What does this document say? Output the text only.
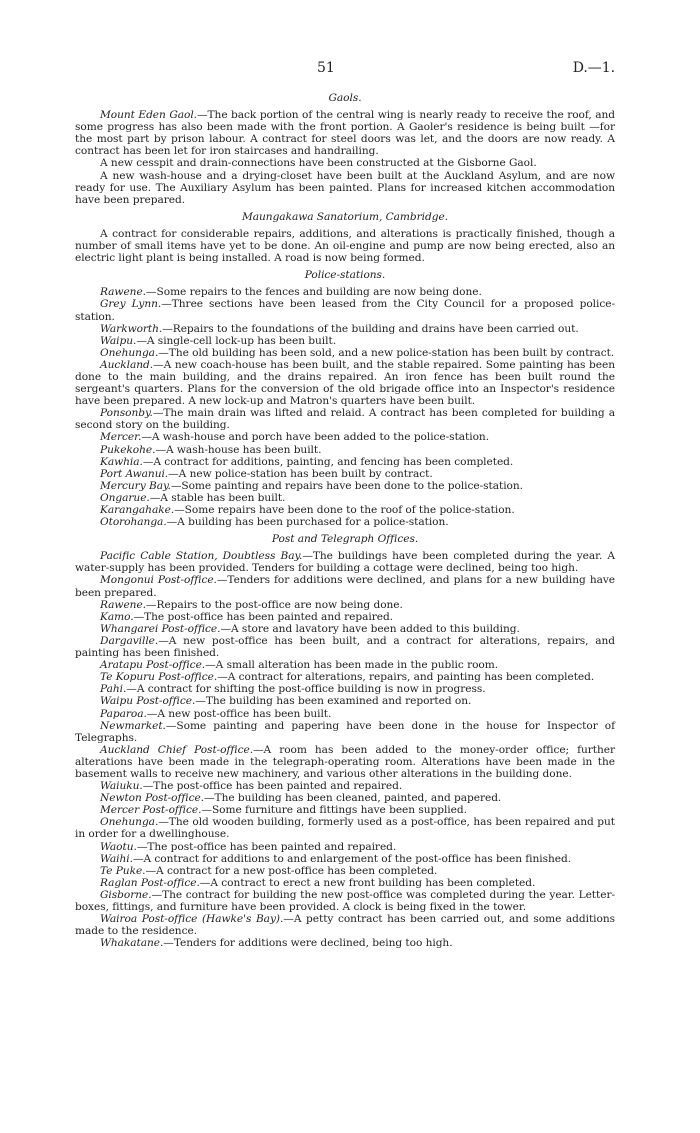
51	D.—1.
Gaols.

Mount Eden Gaol.—The back portion of the central wing is nearly ready to receive the roof, and some progress has also been made with the front portion. A Gaoler's residence is being built —for the most part by prison labour. A contract for steel doors was let, and the doors are now ready. A contract has been let for iron staircases and handrailing.

A new cesspit and drain-connections have been constructed at the Gisborne Gaol.

A new wash-house and a drying-closet have been built at the Auckland Asylum, and are now ready for use. The Auxiliary Asylum has been painted. Plans for increased kitchen accommodation have been prepared.

Maungakawa Sanatorium, Cambridge.

A contract for considerable repairs, additions, and alterations is practically finished, though a number of small items have yet to be done. An oil-engine and pump are now being erected, also an electric light plant is being installed. A road is now being formed.

Police-stations.

Rawene.—Some repairs to the fences and building are now being done.

Grey Lynn.—Three sections have been leased from the City Council for a proposed police-station.

Warkworth.—Repairs to the foundations of the building and drains have been carried out.

Waipu.—A single-cell lock-up has been built.

Onehunga.—The old building has been sold, and a new police-station has been built by contract.

Auckland.—A new coach-house has been built, and the stable repaired. Some painting has been done to the main building, and the drains repaired. An iron fence has been built round the sergeant's quarters. Plans for the conversion of the old brigade office into an Inspector's residence have been prepared. A new lock-up and Matron's quarters have been built.

Ponsonby.—The main drain was lifted and relaid. A contract has been completed for building a second story on the building.

Mercer.—A wash-house and porch have been added to the police-station.

Pukekohe.—A wash-house has been built.

Kawhia.—A contract for additions, painting, and fencing has been completed.

Port Awanui.—A new police-station has been built by contract.

Mercury Bay.—Some painting and repairs have been done to the police-station.

Ongarue.—A stable has been built.

Karangahake.—Some repairs have been done to the roof of the police-station.

Otorohanga.—A building has been purchased for a police-station.

Post and Telegraph Offices.

Pacific Cable Station, Doubtless Bay.—The buildings have been completed during the year. A water-supply has been provided. Tenders for building a cottage were declined, being too high.

Mongonui Post-office.—Tenders for additions were declined, and plans for a new building have been prepared.

Rawene.—Repairs to the post-office are now being done.

Kamo.—The post-office has been painted and repaired.

Whangarei Post-office.—A store and lavatory have been added to this building.

Dargaville.—A new post-office has been built, and a contract for alterations, repairs, and painting has been finished.

Aratapu Post-office.—A small alteration has been made in the public room.

Te Kopuru Post-office.—A contract for alterations, repairs, and painting has been completed.

Pahi.—A contract for shifting the post-office building is now in progress.

Waipu Post-office.—The building has been examined and reported on.

Paparoa.—A new post-office has been built.

Newmarket.—Some painting and papering have been done in the house for Inspector of Telegraphs.

Auckland Chief Post-office.—A room has been added to the money-order office; further alterations have been made in the telegraph-operating room. Alterations have been made in the basement walls to receive new machinery, and various other alterations in the building done.

Waiuku.—The post-office has been painted and repaired.

Newton Post-office.—The building has been cleaned, painted, and papered.

Mercer Post-office.—Some furniture and fittings have been supplied.

Onehunga.—The old wooden building, formerly used as a post-office, has been repaired and put in order for a dwellinghouse.

Waotu.—The post-office has been painted and repaired.

Waihi.—A contract for additions to and enlargement of the post-office has been finished.

Te Puke.—A contract for a new post-office has been completed.

Raglan Post-office.—A contract to erect a new front building has been completed.

Gisborne.—The contract for building the new post-office was completed during the year. Letter-boxes, fittings, and furniture have been provided. A clock is being fixed in the tower.

Wairoa Post-office (Hawke's Bay).—A petty contract has been carried out, and some additions made to the residence.

Whakatane.—Tenders for additions were declined, being too high.
